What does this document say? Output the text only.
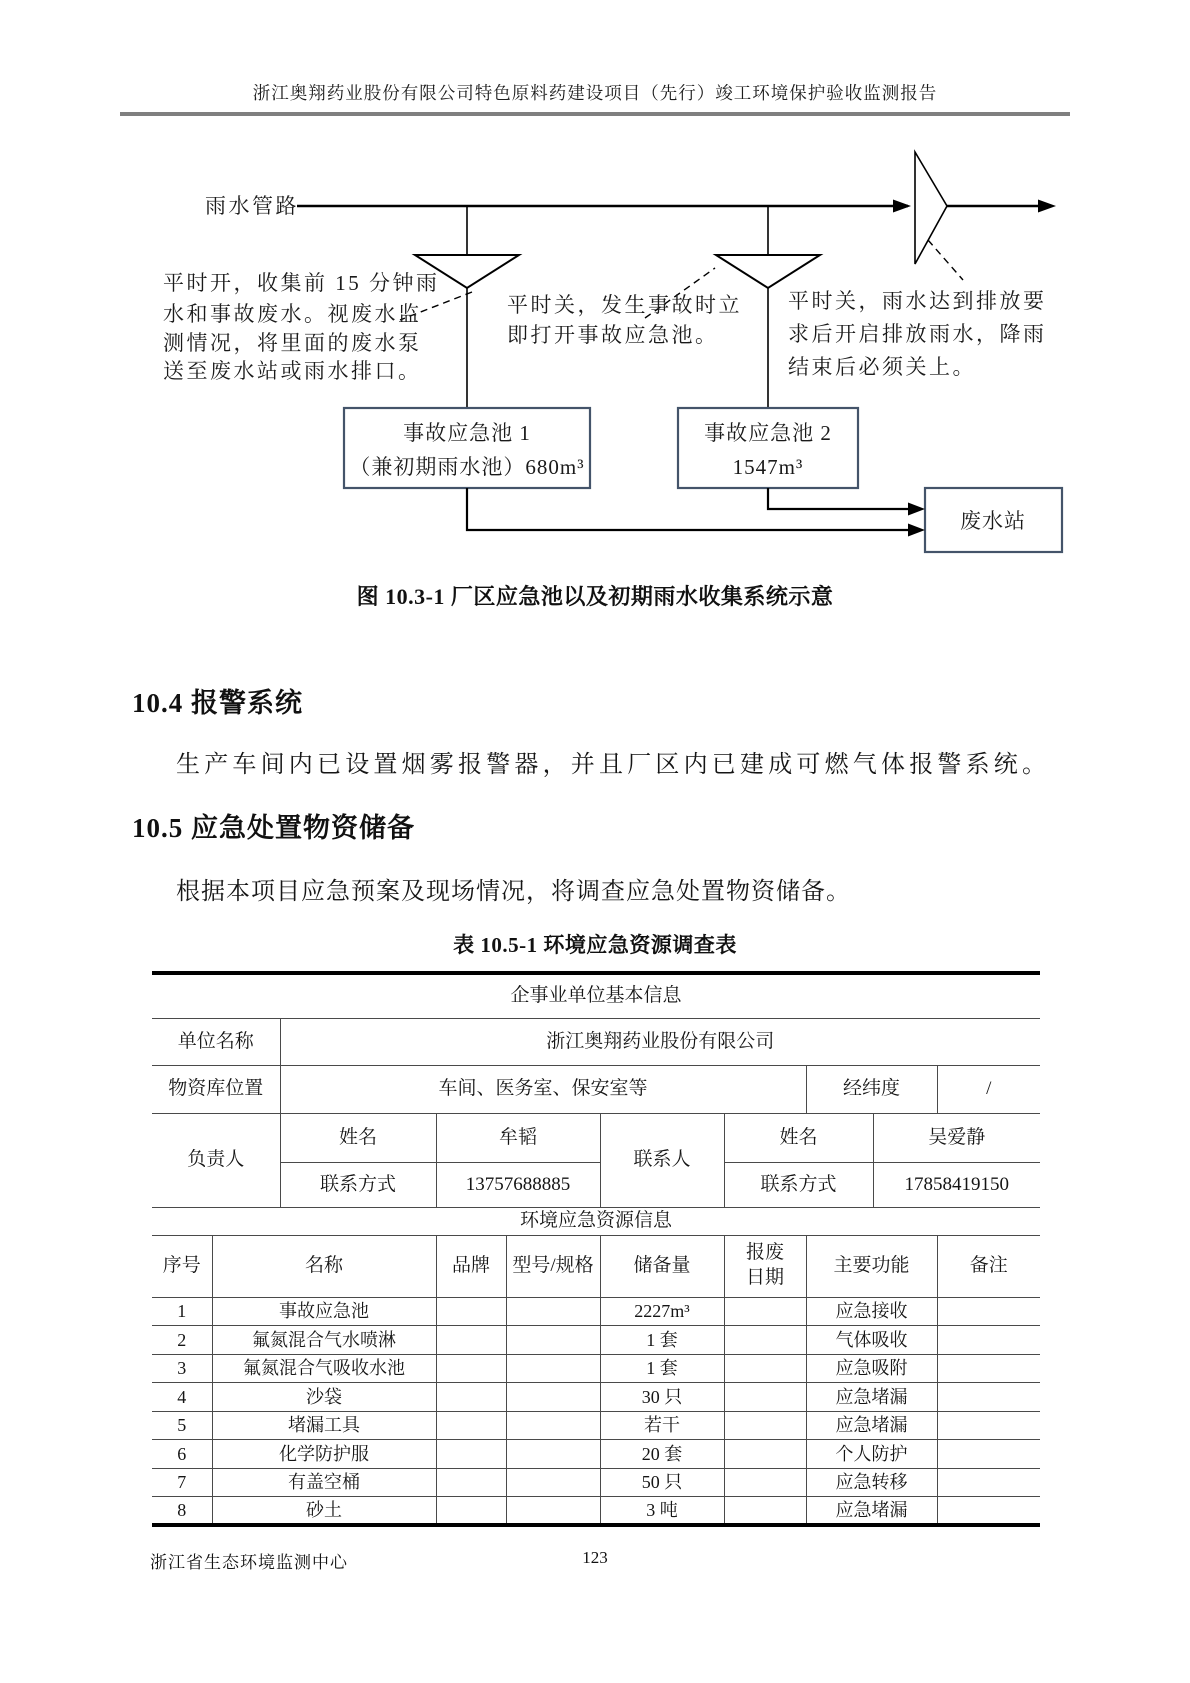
浙江奥翔药业股份有限公司特色原料药建设项目（先行）竣工环境保护验收监测报告
雨水管路
平时开，收集前 15 分钟雨
水和事故废水。视废水监
测情况，将里面的废水泵
送至废水站或雨水排口。
平时关，发生事故时立
即打开事故应急池。
平时关，雨水达到排放要
求后开启排放雨水，降雨
结束后必须关上。
事故应急池 1
（兼初期雨水池）680m³
事故应急池 2
1547m³
废水站
图 10.3-1 厂区应急池以及初期雨水收集系统示意
10.4 报警系统
生产车间内已设置烟雾报警器，并且厂区内已建成可燃气体报警系统。
10.5 应急处置物资储备
根据本项目应急预案及现场情况，将调查应急处置物资储备。
表 10.5-1 环境应急资源调查表
企事业单位基本信息									
单位名称		浙江奥翔药业股份有限公司							
物资库位置		车间、医务室、保安室等					经纬度		/
负责人		姓名	牟韬		联系人	姓名		吴爱静	
		联系方式	13757688885			联系方式		17858419150	
环境应急资源信息									
序号	名称		品牌	型号/规格	储备量	报废日期	主要功能		备注
1	事故应急池				2227m³		应急接收		
2	氟氮混合气水喷淋				1 套		气体吸收		
3	氟氮混合气吸收水池				1 套		应急吸附		
4	沙袋				30 只		应急堵漏		
5	堵漏工具				若干		应急堵漏		
6	化学防护服				20 套		个人防护		
7	有盖空桶				50 只		应急转移		
8	砂土				3 吨		应急堵漏		
浙江省生态环境监测中心	123
